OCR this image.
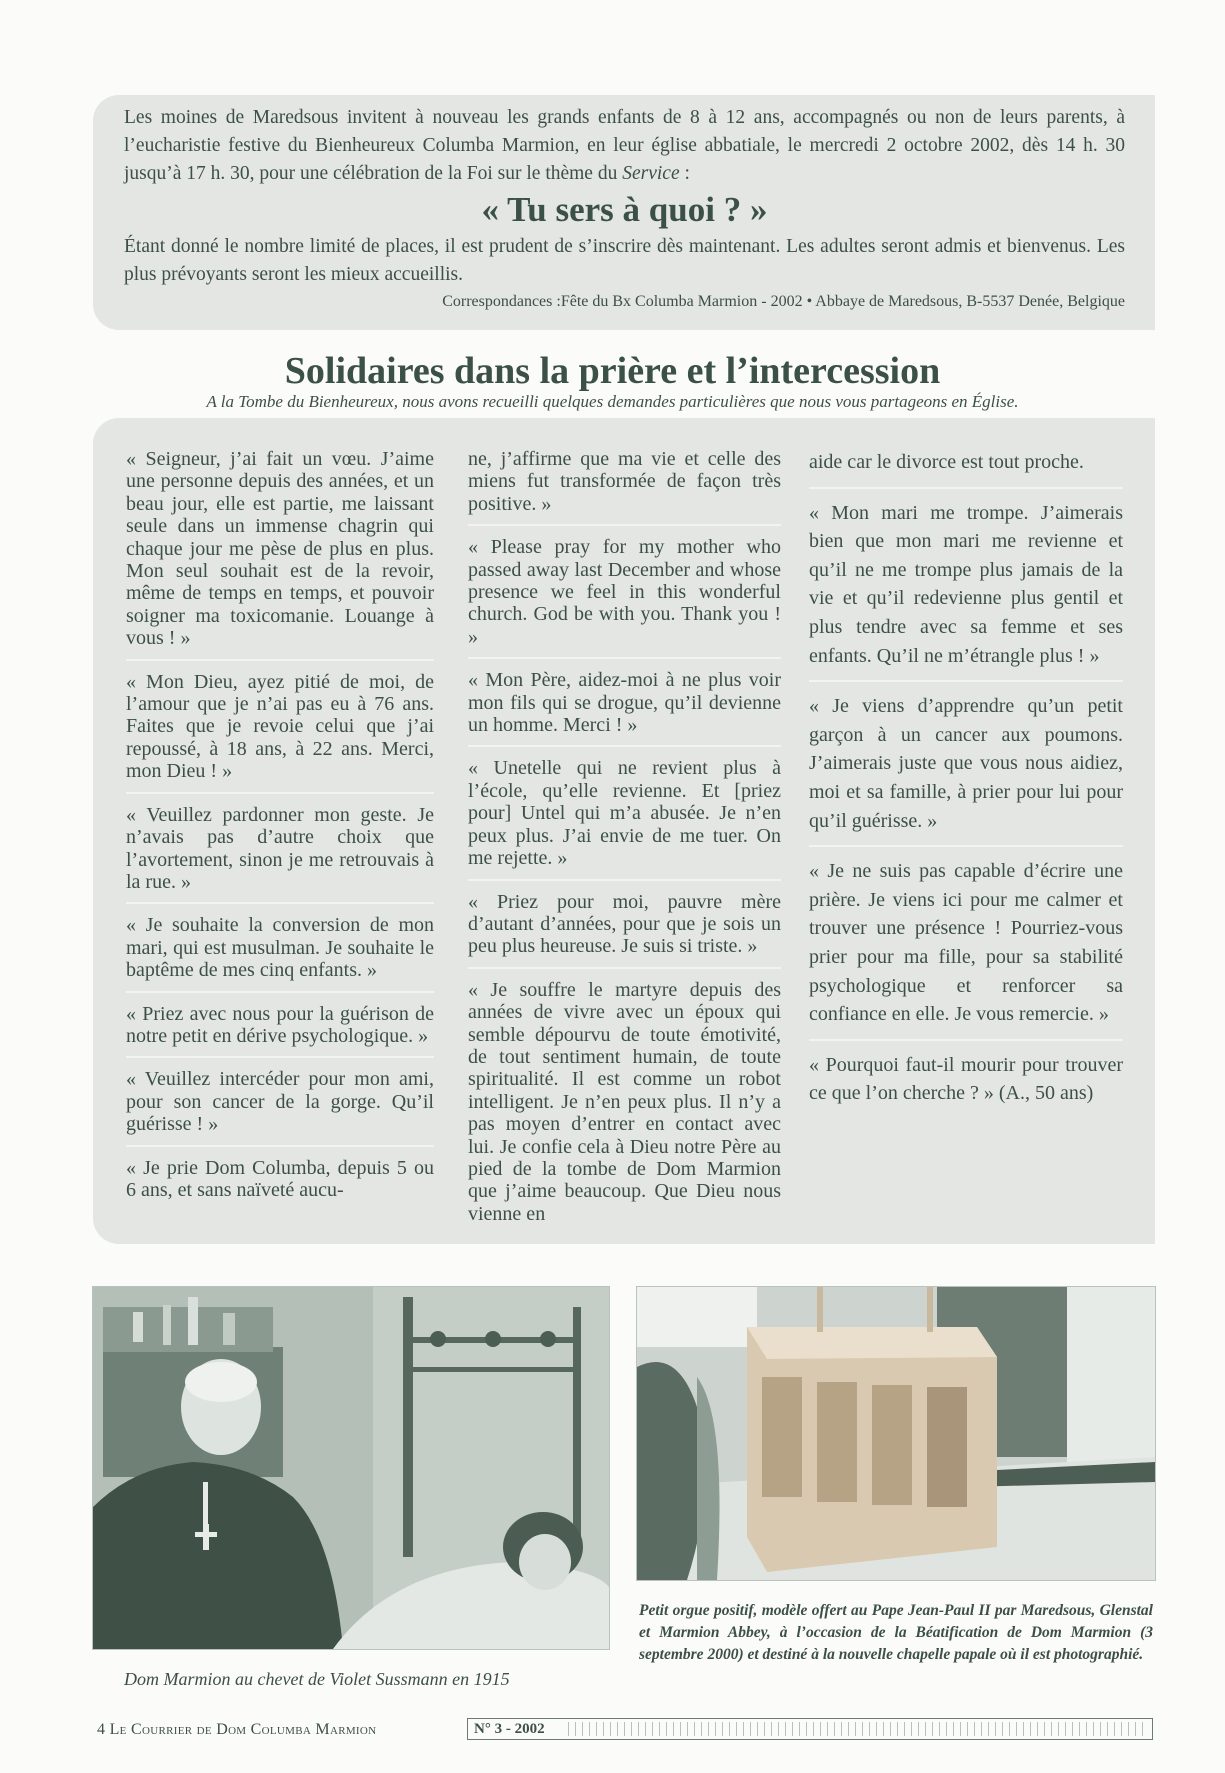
Les moines de Maredsous invitent à nouveau les grands enfants de 8 à 12 ans, accompagnés ou non de leurs parents, à l’eucharistie festive du Bienheureux Columba Marmion, en leur église abbatiale, le mercredi 2 octobre 2002, dès 14 h. 30 jusqu’à 17 h. 30, pour une célébration de la Foi sur le thème du Service :

« Tu sers à quoi ? »

Étant donné le nombre limité de places, il est prudent de s’inscrire dès maintenant. Les adultes seront admis et bienvenus. Les plus prévoyants seront les mieux accueillis.

Correspondances :Fête du Bx Columba Marmion - 2002 • Abbaye de Maredsous, B-5537 Denée, Belgique
Solidaires dans la prière et l’intercession
A la Tombe du Bienheureux, nous avons recueilli quelques demandes particulières que nous vous partageons en Église.

« Seigneur, j’ai fait un vœu. J’aime une personne depuis des années, et un beau jour, elle est partie, me laissant seule dans un immense chagrin qui chaque jour me pèse de plus en plus. Mon seul souhait est de la revoir, même de temps en temps, et pouvoir soigner ma toxicomanie. Louange à vous ! »

« Mon Dieu, ayez pitié de moi, de l’amour que je n’ai pas eu à 76 ans. Faites que je revoie celui que j’ai repoussé, à 18 ans, à 22 ans. Merci, mon Dieu ! »

« Veuillez pardonner mon geste. Je n’avais pas d’autre choix que l’avortement, sinon je me retrouvais à la rue. »

« Je souhaite la conversion de mon mari, qui est musulman. Je souhaite le baptême de mes cinq enfants. »

« Priez avec nous pour la guérison de notre petit en dérive psychologique. »

« Veuillez intercéder pour mon ami, pour son cancer de la gorge. Qu’il guérisse ! »

« Je prie Dom Columba, depuis 5 ou 6 ans, et sans naïveté aucu-

ne, j’affirme que ma vie et celle des miens fut transformée de façon très positive. »

« Please pray for my mother who passed away last December and whose presence we feel in this wonderful church. God be with you. Thank you ! »

« Mon Père, aidez-moi à ne plus voir mon fils qui se drogue, qu’il devienne un homme. Merci ! »

« Unetelle qui ne revient plus à l’école, qu’elle revienne. Et [priez pour] Untel qui m’a abusée. Je n’en peux plus. J’ai envie de me tuer. On me rejette. »

« Priez pour moi, pauvre mère d’autant d’années, pour que je sois un peu plus heureuse. Je suis si triste. »

« Je souffre le martyre depuis des années de vivre avec un époux qui semble dépourvu de toute émotivité, de tout sentiment humain, de toute spiritualité. Il est comme un robot intelligent. Je n’en peux plus. Il n’y a pas moyen d’entrer en contact avec lui. Je confie cela à Dieu notre Père au pied de la tombe de Dom Marmion que j’aime beaucoup. Que Dieu nous vienne en

aide car le divorce est tout proche.

« Mon mari me trompe. J’aimerais bien que mon mari me revienne et qu’il ne me trompe plus jamais de la vie et qu’il redevienne plus gentil et plus tendre avec sa femme et ses enfants. Qu’il ne m’étrangle plus ! »

« Je viens d’apprendre qu’un petit garçon à un cancer aux poumons. J’aimerais juste que vous nous aidiez, moi et sa famille, à prier pour lui pour qu’il guérisse. »

« Je ne suis pas capable d’écrire une prière. Je viens ici pour me calmer et trouver une présence ! Pourriez-vous prier pour ma fille, pour sa stabilité psychologique et renforcer sa confiance en elle. Je vous remercie. »

« Pourquoi faut-il mourir pour trouver ce que l’on cherche ? » (A., 50 ans)

Dom Marmion au chevet de Violet Sussmann en 1915
Petit orgue positif, modèle offert au Pape Jean-Paul II par Maredsous, Glenstal et Marmion Abbey, à l’occasion de la Béatification de Dom Marmion (3 septembre 2000) et destiné à la nouvelle chapelle papale où il est photographié.
4 Le Courrier de Dom Columba Marmion	N° 3 - 2002
